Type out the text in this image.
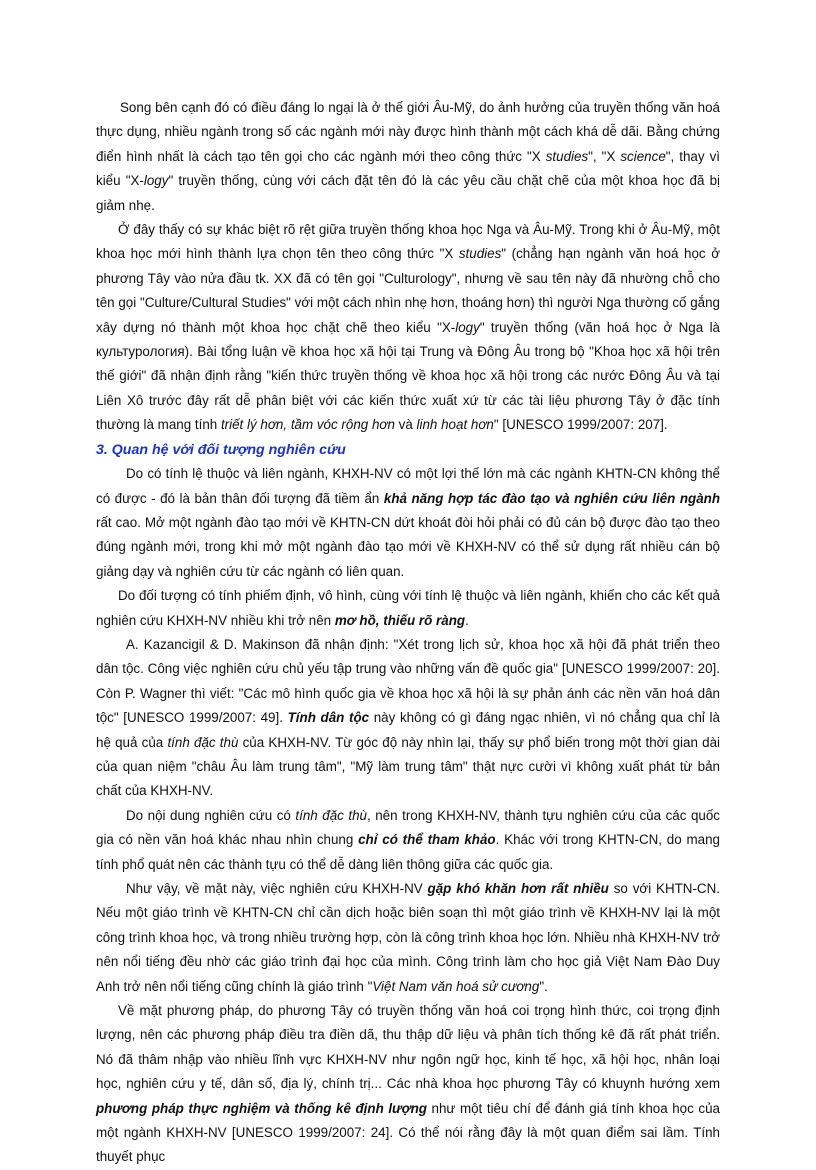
Song bên cạnh đó có điều đáng lo ngại là ở thế giới Âu-Mỹ, do ảnh hưởng của truyền thống văn hoá thực dụng, nhiều ngành trong số các ngành mới này được hình thành một cách khá dễ dãi. Bằng chứng điển hình nhất là cách tạo tên gọi cho các ngành mới theo công thức "X studies", "X science", thay vì kiểu "X-logy" truyền thống, cùng với cách đặt tên đó là các yêu cầu chặt chẽ của một khoa học đã bị giảm nhẹ.

Ở đây thấy có sự khác biệt rõ rệt giữa truyền thống khoa học Nga và Âu-Mỹ. Trong khi ở Âu-Mỹ, một khoa học mới hình thành lựa chọn tên theo công thức "X studies" (chẳng hạn ngành văn hoá học ở phương Tây vào nửa đầu tk. XX đã có tên gọi "Culturology", nhưng về sau tên này đã nhường chỗ cho tên gọi "Culture/Cultural Studies" với một cách nhìn nhẹ hơn, thoáng hơn) thì người Nga thường cố gắng xây dựng nó thành một khoa học chặt chẽ theo kiểu "X-logy" truyền thống (văn hoá học ở Nga là культурология). Bài tổng luận về khoa học xã hội tại Trung và Đông Âu trong bộ "Khoa học xã hội trên thế giới" đã nhận định rằng "kiến thức truyền thống về khoa học xã hội trong các nước Đông Âu và tại Liên Xô trước đây rất dễ phân biệt với các kiến thức xuất xứ từ các tài liệu phương Tây ở đặc tính thường là mang tính triết lý hơn, tầm vóc rộng hơn và linh hoạt hơn" [UNESCO 1999/2007: 207].

3. Quan hệ với đối tượng nghiên cứu

Do có tính lệ thuộc và liên ngành, KHXH-NV có một lợi thế lớn mà các ngành KHTN-CN không thể có được - đó là bản thân đối tượng đã tiềm ẩn khả năng hợp tác đào tạo và nghiên cứu liên ngành rất cao. Mở một ngành đào tạo mới về KHTN-CN dứt khoát đòi hỏi phải có đủ cán bộ được đào tạo theo đúng ngành mới, trong khi mở một ngành đào tạo mới về KHXH-NV có thể sử dụng rất nhiều cán bộ giảng dạy và nghiên cứu từ các ngành có liên quan.

Do đối tượng có tính phiếm định, vô hình, cùng với tính lệ thuộc và liên ngành, khiến cho các kết quả nghiên cứu KHXH-NV nhiều khi trở nên mơ hồ, thiếu rõ ràng.

A. Kazancigil & D. Makinson đã nhận định: "Xét trong lịch sử, khoa học xã hội đã phát triển theo dân tộc. Công việc nghiên cứu chủ yếu tập trung vào những vấn đề quốc gia" [UNESCO 1999/2007: 20]. Còn P. Wagner thì viết: "Các mô hình quốc gia về khoa học xã hội là sự phản ánh các nền văn hoá dân tộc" [UNESCO 1999/2007: 49]. Tính dân tộc này không có gì đáng ngạc nhiên, vì nó chẳng qua chỉ là hệ quả của tính đặc thù của KHXH-NV. Từ góc độ này nhìn lại, thấy sự phổ biến trong một thời gian dài của quan niệm "châu Âu làm trung tâm", "Mỹ làm trung tâm" thật nực cười vì không xuất phát từ bản chất của KHXH-NV.

Do nội dung nghiên cứu có tính đặc thù, nên trong KHXH-NV, thành tựu nghiên cứu của các quốc gia có nền văn hoá khác nhau nhìn chung chỉ có thể tham khảo. Khác với trong KHTN-CN, do mang tính phổ quát nên các thành tựu có thể dễ dàng liên thông giữa các quốc gia.

Như vậy, về mặt này, việc nghiên cứu KHXH-NV gặp khó khăn hơn rất nhiều so với KHTN-CN. Nếu một giáo trình về KHTN-CN chỉ cần dịch hoặc biên soạn thì một giáo trình về KHXH-NV lại là một công trình khoa học, và trong nhiều trường hợp, còn là công trình khoa học lớn. Nhiều nhà KHXH-NV trở nên nổi tiếng đều nhờ các giáo trình đại học của mình. Công trình làm cho học giả Việt Nam Đào Duy Anh trở nên nổi tiếng cũng chính là giáo trình "Việt Nam văn hoá sử cương".

Về mặt phương pháp, do phương Tây có truyền thống văn hoá coi trọng hình thức, coi trọng định lượng, nên các phương pháp điều tra điền dã, thu thập dữ liệu và phân tích thống kê đã rất phát triển. Nó đã thâm nhập vào nhiều lĩnh vực KHXH-NV như ngôn ngữ học, kinh tế học, xã hội học, nhân loại học, nghiên cứu y tế, dân số, địa lý, chính trị... Các nhà khoa học phương Tây có khuynh hướng xem phương pháp thực nghiệm và thống kê định lượng như một tiêu chí để đánh giá tính khoa học của một ngành KHXH-NV [UNESCO 1999/2007: 24]. Có thể nói rằng đây là một quan điểm sai lầm. Tính thuyết phục
